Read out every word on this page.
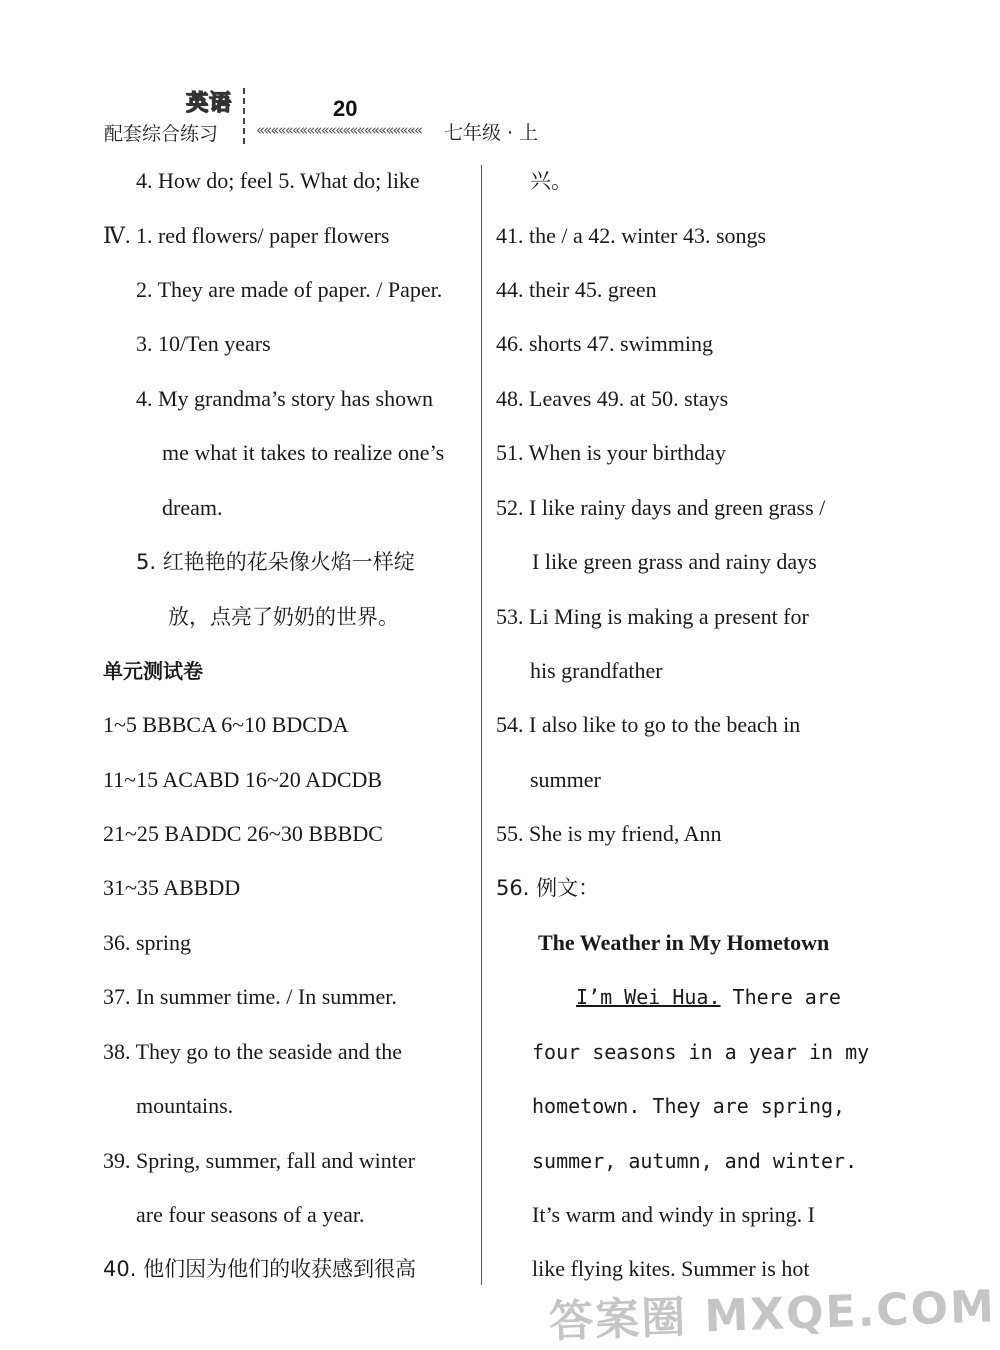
英语
配套综合练习
20
««««««««««««««««««««««« 七年级 · 上
4. How do; feel 5. What do; like
Ⅳ. 1. red flowers/ paper flowers
2. They are made of paper. / Paper.
3. 10/Ten years
4. My grandma’s story has shown
me what it takes to realize one’s
dream.
5. 红艳艳的花朵像火焰一样绽
放，点亮了奶奶的世界。
单元测试卷
1~5 BBBCA 6~10 BDCDA
11~15 ACABD 16~20 ADCDB
21~25 BADDC 26~30 BBBDC
31~35 ABBDD
36. spring
37. In summer time. / In summer.
38. They go to the seaside and the
mountains.
39. Spring, summer, fall and winter
are four seasons of a year.
40. 他们因为他们的收获感到很高
兴。
41. the / a 42. winter 43. songs
44. their 45. green
46. shorts 47. swimming
48. Leaves 49. at 50. stays
51. When is your birthday
52. I like rainy days and green grass /
I like green grass and rainy days
53. Li Ming is making a present for
his grandfather
54. I also like to go to the beach in
summer
55. She is my friend, Ann
56. 例文：
The Weather in My Hometown
I’m Wei Hua. There are
four seasons in a year in my
hometown. They are spring,
summer, autumn, and winter.
It’s warm and windy in spring. I
like flying kites. Summer is hot
答案圈 MXQE.COM
